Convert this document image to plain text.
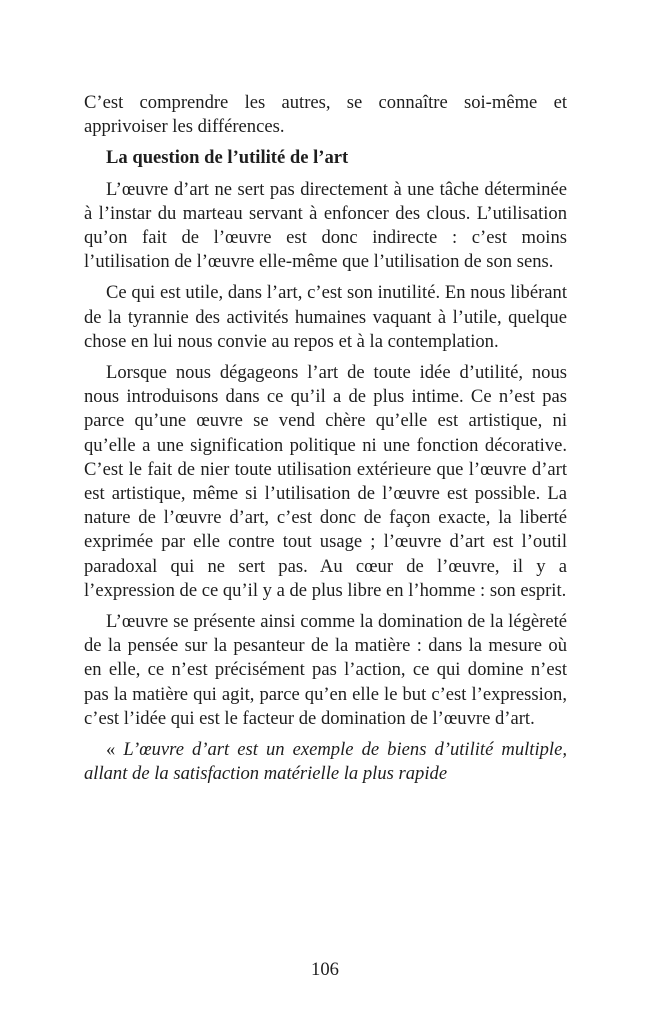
C’est comprendre les autres, se connaître soi-même et apprivoiser les différences.

La question de l’utilité de l’art

L’œuvre d’art ne sert pas directement à une tâche déterminée à l’instar du marteau servant à enfoncer des clous. L’utilisation qu’on fait de l’œuvre est donc indirecte : c’est moins l’utilisation de l’œuvre elle-même que l’utilisation de son sens.

Ce qui est utile, dans l’art, c’est son inutilité. En nous libérant de la tyrannie des activités humaines vaquant à l’utile, quelque chose en lui nous convie au repos et à la contemplation.

Lorsque nous dégageons l’art de toute idée d’utilité, nous nous introduisons dans ce qu’il a de plus intime. Ce n’est pas parce qu’une œuvre se vend chère qu’elle est artistique, ni qu’elle a une signification politique ni une fonction décorative. C’est le fait de nier toute utilisation extérieure que l’œuvre d’art est artistique, même si l’utilisation de l’œuvre est possible. La nature de l’œuvre d’art, c’est donc de façon exacte, la liberté exprimée par elle contre tout usage ; l’œuvre d’art est l’outil paradoxal qui ne sert pas. Au cœur de l’œuvre, il y a l’expression de ce qu’il y a de plus libre en l’homme : son esprit.

L’œuvre se présente ainsi comme la domination de la légèreté de la pensée sur la pesanteur de la matière : dans la mesure où en elle, ce n’est précisément pas l’action, ce qui domine n’est pas la matière qui agit, parce qu’en elle le but c’est l’expression, c’est l’idée qui est le facteur de domination de l’œuvre d’art.

« L’œuvre d’art est un exemple de biens d’utilité multiple, allant de la satisfaction matérielle la plus rapide

106
